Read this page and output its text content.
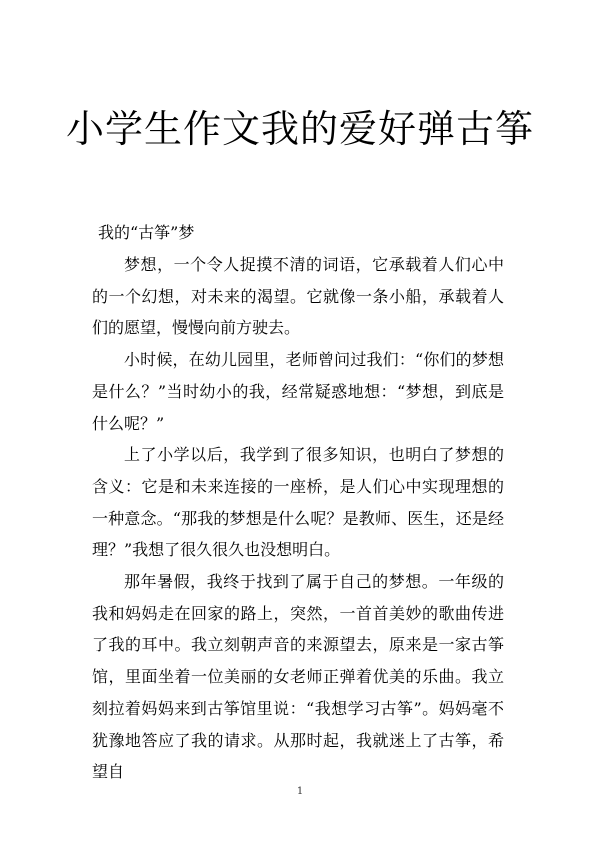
小学生作文我的爱好弹古筝
我的“古筝”梦

梦想，一个令人捉摸不清的词语，它承载着人们心中的一个幻想，对未来的渴望。它就像一条小船，承载着人们的愿望，慢慢向前方驶去。

小时候，在幼儿园里，老师曾问过我们：“你们的梦想是什么？”当时幼小的我，经常疑惑地想：“梦想，到底是什么呢？”

上了小学以后，我学到了很多知识，也明白了梦想的含义：它是和未来连接的一座桥，是人们心中实现理想的一种意念。“那我的梦想是什么呢？是教师、医生，还是经理？”我想了很久很久也没想明白。

那年暑假，我终于找到了属于自己的梦想。一年级的我和妈妈走在回家的路上，突然，一首首美妙的歌曲传进了我的耳中。我立刻朝声音的来源望去，原来是一家古筝馆，里面坐着一位美丽的女老师正弹着优美的乐曲。我立刻拉着妈妈来到古筝馆里说：“我想学习古筝”。妈妈毫不犹豫地答应了我的请求。从那时起，我就迷上了古筝，希望自

1
